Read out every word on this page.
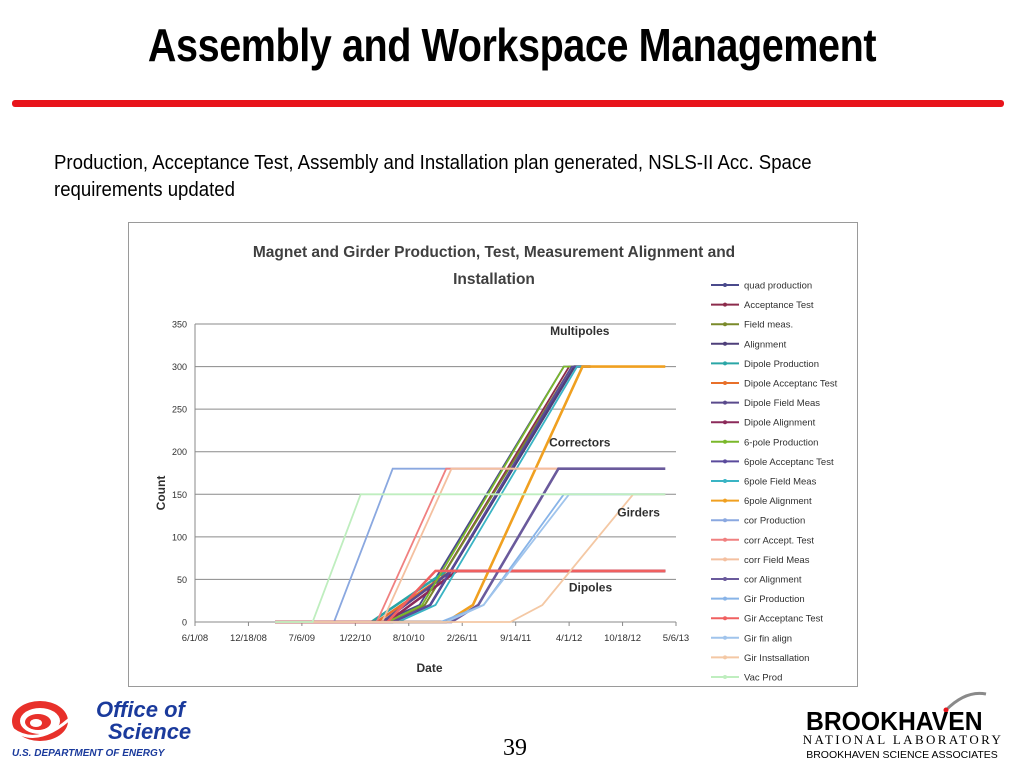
Assembly and Workspace Management
Production, Acceptance Test, Assembly and Installation plan generated, NSLS-II Acc. Space requirements updated
Magnet and Girder Production, Test, Measurement Alignment and
Installation
0
50
100
150
200
250
300
350
6/1/08 12/18/08 7/6/09	1/22/10 8/10/10 2/26/11 9/14/11	4/1/12 10/18/12 5/6/13
Date
Count
Multipoles
Correctors
Girders
Dipoles
quad production
Acceptance Test
Field meas.
Alignment
Dipole Production
Dipole Acceptanc Test
Dipole Field Meas
Dipole Alignment
6-pole Production
6pole Acceptanc Test
6pole Field Meas
6pole Alignment
cor Production
corr Accept. Test
corr Field Meas
cor Alignment
Gir Production
Gir Acceptanc Test
Gir fin align
Gir Instsallation
Vac Prod
Office of
Science
U.S. DEPARTMENT OF ENERGY	39
BROOKHAVEN
NATIONAL LABORATORY
BROOKHAVEN SCIENCE ASSOCIATES
